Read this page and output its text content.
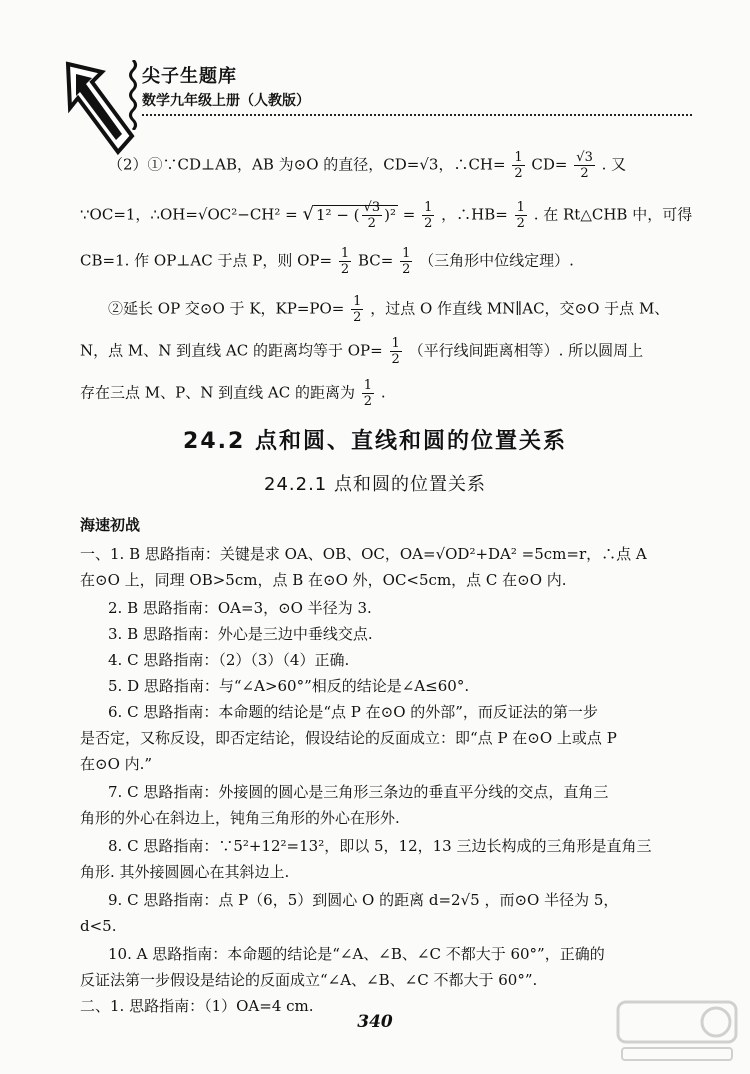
尖子生题库
数学九年级上册（人教版）
（2）①∵CD⊥AB，AB 为⊙O 的直径，CD=√3，∴CH= $\frac{1}{2} CD= \frac{√3}{2}$ . 又
∵OC=1，∴OH=√OC²−CH² = √ 1² − ( $\frac{√3}{2} )^2 = \frac{1}{2}$ ，∴HB= $\frac{1}{2}$ . 在 Rt△CHB 中，可得
CB=1. 作 OP⊥AC 于点 P，则 $OP= \frac{1}{2} BC= \frac{1}{2}$ （三角形中位线定理）.
②延长 OP 交⊙O 于 K，$KP=PO= \frac{1}{2}$ ，过点 O 作直线 MN∥AC，交⊙O 于点 M、
N，点 M、N 到直线 AC 的距离均等于 $OP= \frac{1}{2}$ （平行线间距离相等）. 所以圆周上
存在三点 M、P、N 到直线 AC 的距离为 $\frac{1}{2}$ .
24.2 点和圆、直线和圆的位置关系
24.2.1 点和圆的位置关系
海速初战
一、1. B 思路指南：关键是求 OA、OB、OC，OA=√OD²+DA² =5cm=r，∴点 A
在⊙O 上，同理 OB>5cm，点 B 在⊙O 外，OC<5cm，点 C 在⊙O 内.
2. B 思路指南：OA=3，⊙O 半径为 3.
3. B 思路指南：外心是三边中垂线交点.
4. C 思路指南：（2）（3）（4）正确.
5. D 思路指南：与“∠A>60°”相反的结论是∠A≤60°.
6. C 思路指南：本命题的结论是“点 P 在⊙O 的外部”，而反证法的第一步
是否定，又称反设，即否定结论，假设结论的反面成立：即“点 P 在⊙O 上或点 P
在⊙O 内.”
7. C 思路指南：外接圆的圆心是三角形三条边的垂直平分线的交点，直角三
角形的外心在斜边上，钝角三角形的外心在形外.
8. C 思路指南：∵5²+12²=13²，即以 5，12，13 三边长构成的三角形是直角三
角形. 其外接圆圆心在其斜边上.
9. C 思路指南：点 P（6，5）到圆心 O 的距离 d=2√5 ，而⊙O 半径为 5，
d<5.
10. A 思路指南：本命题的结论是“∠A、∠B、∠C 不都大于 60°”，正确的
反证法第一步假设是结论的反面成立“∠A、∠B、∠C 不都大于 60°”.
二、1. 思路指南：（1）OA=4 cm.
340
